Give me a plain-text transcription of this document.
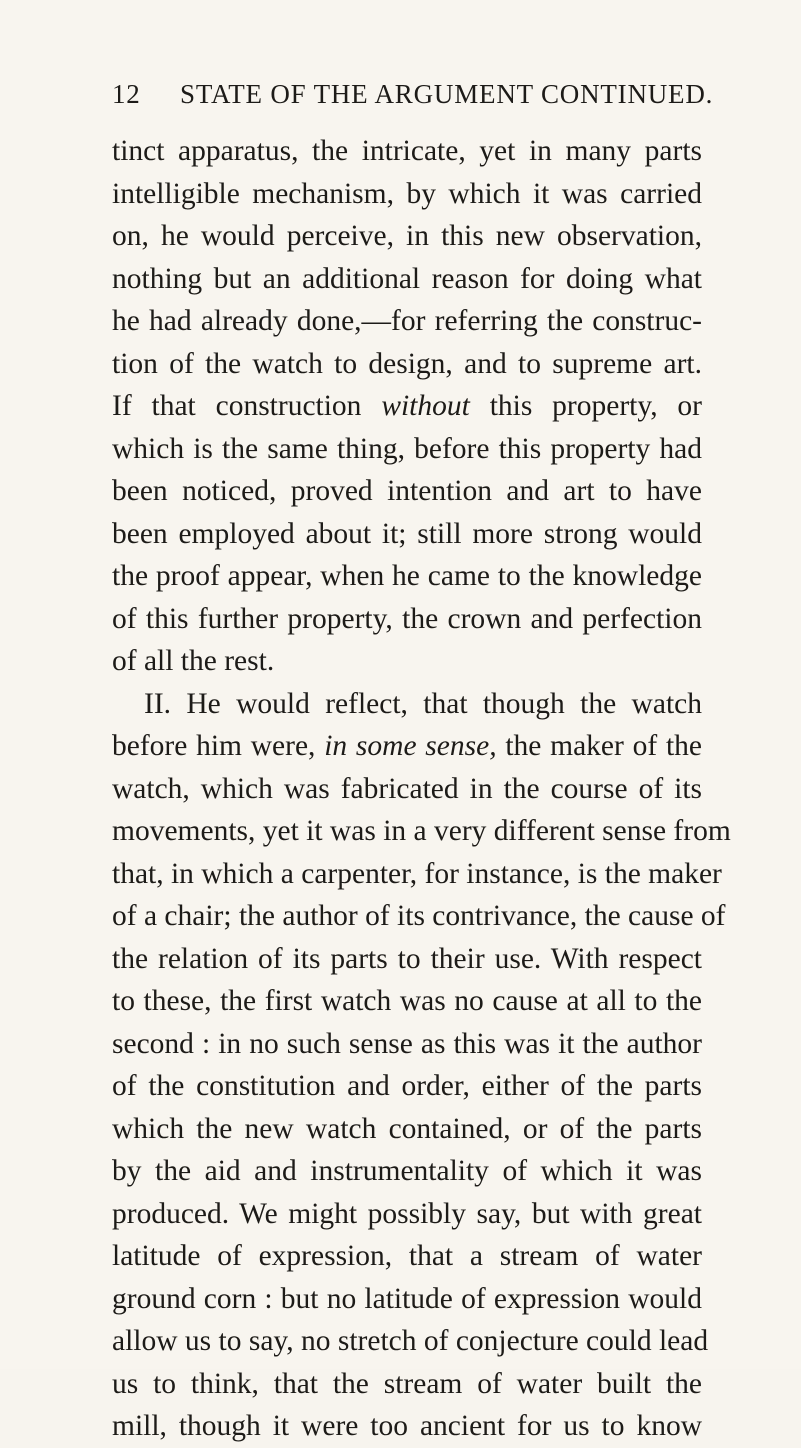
12 STATE OF THE ARGUMENT CONTINUED.
tinct apparatus, the intricate, yet in many parts
intelligible mechanism, by which it was carried
on, he would perceive, in this new observation,
nothing but an additional reason for doing what
he had already done,—for referring the construc-
tion of the watch to design, and to supreme art.
If that construction without this property, or
which is the same thing, before this property had
been noticed, proved intention and art to have
been employed about it; still more strong would
the proof appear, when he came to the knowledge
of this further property, the crown and perfection
of all the rest.
II. He would reflect, that though the watch
before him were, in some sense, the maker of the
watch, which was fabricated in the course of its
movements, yet it was in a very different sense from
that, in which a carpenter, for instance, is the maker
of a chair; the author of its contrivance, the cause of
the relation of its parts to their use. With respect
to these, the first watch was no cause at all to the
second : in no such sense as this was it the author
of the constitution and order, either of the parts
which the new watch contained, or of the parts
by the aid and instrumentality of which it was
produced. We might possibly say, but with great
latitude of expression, that a stream of water
ground corn : but no latitude of expression would
allow us to say, no stretch of conjecture could lead
us to think, that the stream of water built the
mill, though it were too ancient for us to know
